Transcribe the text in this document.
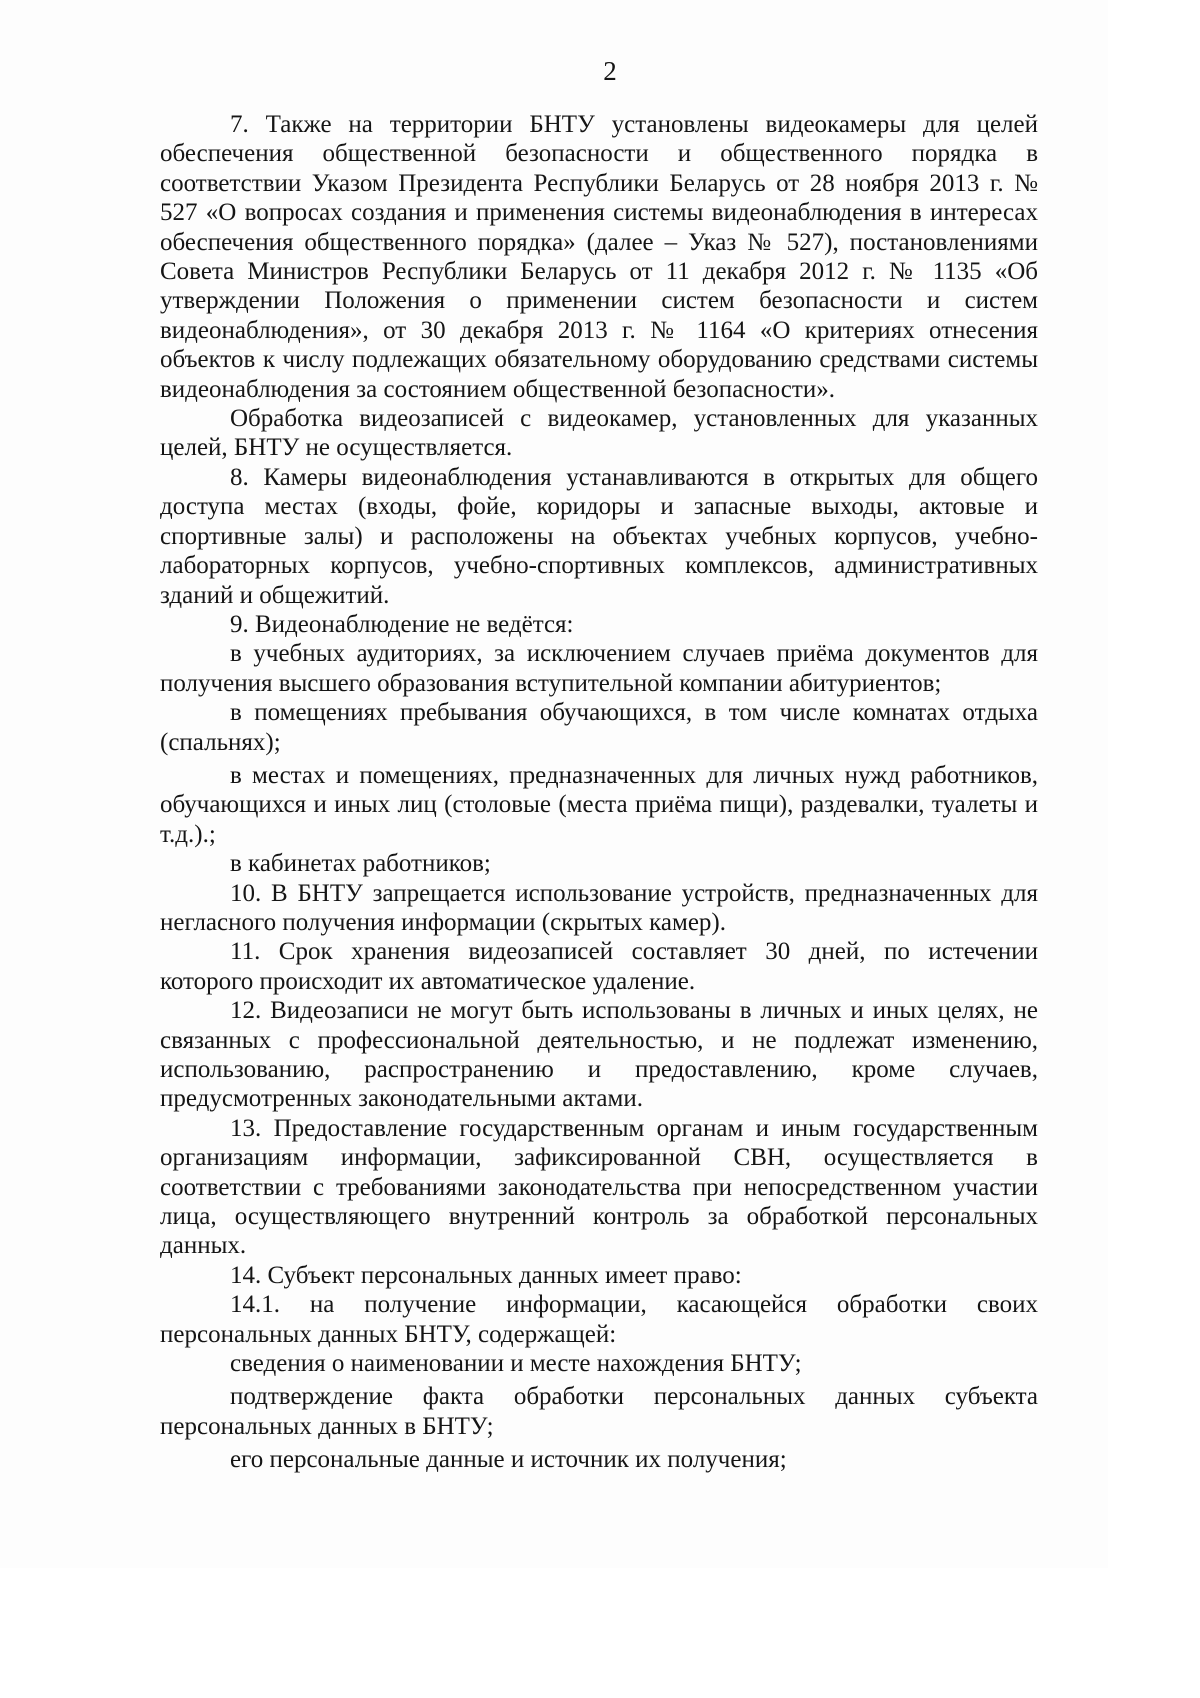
2

7. Также на территории БНТУ установлены видеокамеры для целей обеспечения общественной безопасности и общественного порядка в соответствии Указом Президента Республики Беларусь от 28 ноября 2013 г. № 527 «О вопросах создания и применения системы видеонаблюдения в интересах обеспечения общественного порядка» (далее – Указ № 527), постановлениями Совета Министров Республики Беларусь от 11 декабря 2012 г. № 1135 «Об утверждении Положения о применении систем безопасности и систем видеонаблюдения», от 30 декабря 2013 г. № 1164 «О критериях отнесения объектов к числу подлежащих обязательному оборудованию средствами системы видеонаблюдения за состоянием общественной безопасности».

Обработка видеозаписей с видеокамер, установленных для указанных целей, БНТУ не осуществляется.

8. Камеры видеонаблюдения устанавливаются в открытых для общего доступа местах (входы, фойе, коридоры и запасные выходы, актовые и спортивные залы) и расположены на объектах учебных корпусов, учебно-лабораторных корпусов, учебно-спортивных комплексов, административных зданий и общежитий.

9. Видеонаблюдение не ведётся:

в учебных аудиториях, за исключением случаев приёма документов для получения высшего образования вступительной компании абитуриентов;

в помещениях пребывания обучающихся, в том числе комнатах отдыха (спальнях);

в местах и помещениях, предназначенных для личных нужд работников, обучающихся и иных лиц (столовые (места приёма пищи), раздевалки, туалеты и т.д.).;

в кабинетах работников;

10. В БНТУ запрещается использование устройств, предназначенных для негласного получения информации (скрытых камер).

11. Срок хранения видеозаписей составляет 30 дней, по истечении которого происходит их автоматическое удаление.

12. Видеозаписи не могут быть использованы в личных и иных целях, не связанных с профессиональной деятельностью, и не подлежат изменению, использованию, распространению и предоставлению, кроме случаев, предусмотренных законодательными актами.

13. Предоставление государственным органам и иным государственным организациям информации, зафиксированной СВН, осуществляется в соответствии с требованиями законодательства при непосредственном участии лица, осуществляющего внутренний контроль за обработкой персональных данных.

14. Субъект персональных данных имеет право:

14.1. на получение информации, касающейся обработки своих персональных данных БНТУ, содержащей:

сведения о наименовании и месте нахождения БНТУ;

подтверждение факта обработки персональных данных субъекта персональных данных в БНТУ;

его персональные данные и источник их получения;
